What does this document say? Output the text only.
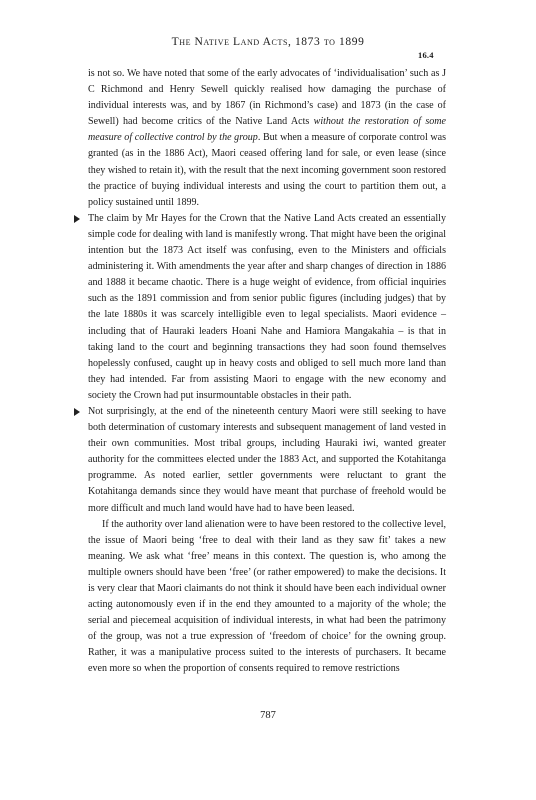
The Native Land Acts, 1873 to 1899
16.4

is not so. We have noted that some of the early advocates of ‘individualisation’ such as J C Richmond and Henry Sewell quickly realised how damaging the purchase of individual interests was, and by 1867 (in Richmond’s case) and 1873 (in the case of Sewell) had become critics of the Native Land Acts without the restoration of some measure of collective control by the group. But when a measure of corporate control was granted (as in the 1886 Act), Maori ceased offering land for sale, or even lease (since they wished to retain it), with the result that the next incoming government soon restored the practice of buying individual interests and using the court to partition them out, a policy sustained until 1899.

The claim by Mr Hayes for the Crown that the Native Land Acts created an essentially simple code for dealing with land is manifestly wrong. That might have been the original intention but the 1873 Act itself was confusing, even to the Ministers and officials administering it. With amendments the year after and sharp changes of direction in 1886 and 1888 it became chaotic. There is a huge weight of evidence, from official inquiries such as the 1891 commission and from senior public figures (including judges) that by the late 1880s it was scarcely intelligible even to legal specialists. Maori evidence – including that of Hauraki leaders Hoani Nahe and Hamiora Mangakahia – is that in taking land to the court and beginning transactions they had soon found themselves hopelessly confused, caught up in heavy costs and obliged to sell much more land than they had intended. Far from assisting Maori to engage with the new economy and society the Crown had put insurmountable obstacles in their path.

Not surprisingly, at the end of the nineteenth century Maori were still seeking to have both determination of customary interests and subsequent management of land vested in their own communities. Most tribal groups, including Hauraki iwi, wanted greater authority for the committees elected under the 1883 Act, and supported the Kotahitanga programme. As noted earlier, settler governments were reluctant to grant the Kotahitanga demands since they would have meant that purchase of freehold would be more difficult and much land would have had to have been leased.

If the authority over land alienation were to have been restored to the collective level, the issue of Maori being ‘free to deal with their land as they saw fit’ takes a new meaning. We ask what ‘free’ means in this context. The question is, who among the multiple owners should have been ‘free’ (or rather empowered) to make the decisions. It is very clear that Maori claimants do not think it should have been each individual owner acting autonomously even if in the end they amounted to a majority of the whole; the serial and piecemeal acquisition of individual interests, in what had been the patrimony of the group, was not a true expression of ‘freedom of choice’ for the owning group. Rather, it was a manipulative process suited to the interests of purchasers. It became even more so when the proportion of consents required to remove restrictions

787
